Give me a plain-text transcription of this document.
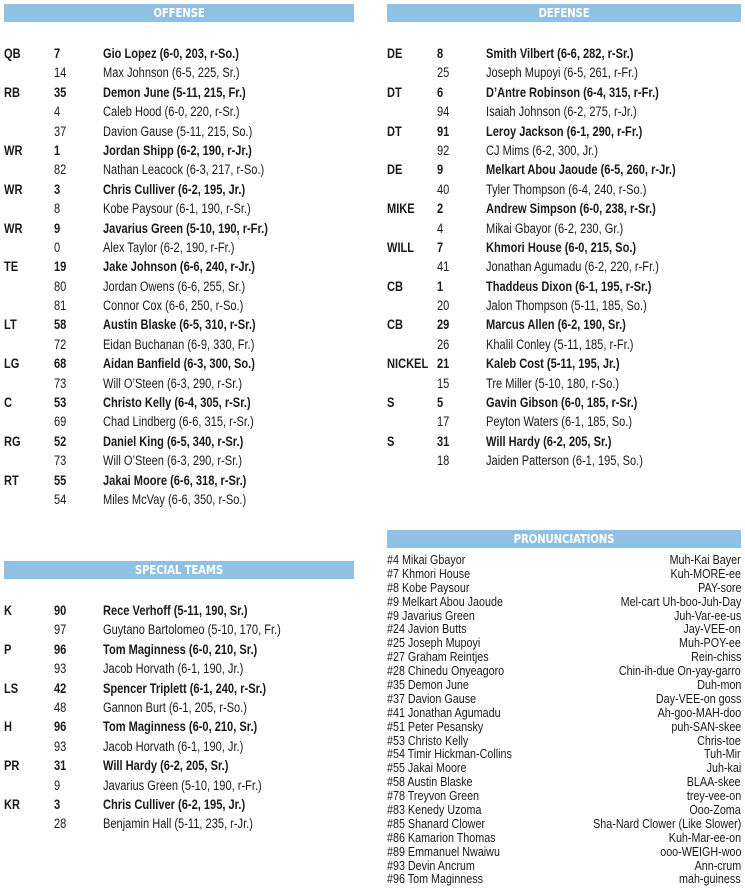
OFFENSE
QB 7	Gio Lopez (6-0, 203, r-So.)
14	Max Johnson (6-5, 225, Sr.)
RB	35	Demon June (5-11, 215, Fr.)
4	Caleb Hood (6-0, 220, r-Sr.)
37	Davion Gause (5-11, 215, So.)
WR 1	Jordan Shipp (6-2, 190, r-Jr.)
82	Nathan Leacock (6-3, 217, r-So.)
WR 3	Chris Culliver (6-2, 195, Jr.)
8	Kobe Paysour (6-1, 190, r-Sr.)
WR 9	Javarius Green (5-10, 190, r-Fr.)
0	Alex Taylor (6-2, 190, r-Fr.)
TE	19	Jake Johnson (6-6, 240, r-Jr.)
80	Jordan Owens (6-6, 255, Sr.)
81	Connor Cox (6-6, 250, r-So.)
LT	58	Austin Blaske (6-5, 310, r-Sr.)
72	Eidan Buchanan (6-9, 330, Fr.)
LG	68	Aidan Banfield (6-3, 300, So.)
73	Will O’Steen (6-3, 290, r-Sr.)
C	53	Christo Kelly (6-4, 305, r-Sr.)
69	Chad Lindberg (6-6, 315, r-Sr.)
RG 52	Daniel King (6-5, 340, r-Sr.)
73	Will O’Steen (6-3, 290, r-Sr.)
RT	55	Jakai Moore (6-6, 318, r-Sr.)
54	Miles McVay (6-6, 350, r-So.)
DEFENSE
DE	8	Smith Vilbert (6-6, 282, r-Sr.)
25	Joseph Mupoyi (6-5, 261, r-Fr.)
DT	6	D’Antre Robinson (6-4, 315, r-Fr.)
94	Isaiah Johnson (6-2, 275, r-Jr.)
DT	91	Leroy Jackson (6-1, 290, r-Fr.)
92	CJ Mims (6-2, 300, Jr.)
DE	9	Melkart Abou Jaoude (6-5, 260, r-Jr.)
40	Tyler Thompson (6-4, 240, r-So.)
MIKE	2	Andrew Simpson (6-0, 238, r-Sr.)
4	Mikai Gbayor (6-2, 230, Gr.)
WILL	7	Khmori House (6-0, 215, So.)
41	Jonathan Agumadu (6-2, 220, r-Fr.)
CB	1	Thaddeus Dixon (6-1, 195, r-Sr.)
20	Jalon Thompson (5-11, 185, So.)
CB	29	Marcus Allen (6-2, 190, Sr.)
26	Khalil Conley (5-11, 185, r-Fr.)
NICKEL 21	Kaleb Cost (5-11, 195, Jr.)
15	Tre Miller (5-10, 180, r-So.)
S	5	Gavin Gibson (6-0, 185, r-Sr.)
17	Peyton Waters (6-1, 185, So.)
S	31	Will Hardy (6-2, 205, Sr.)
18	Jaiden Patterson (6-1, 195, So.)
SPECIAL TEAMS
K	90	Rece Verhoff (5-11, 190, Sr.)
97	Guytano Bartolomeo (5-10, 170, Fr.)
P	96	Tom Maginness (6-0, 210, Sr.)
93	Jacob Horvath (6-1, 190, Jr.)
LS	42	Spencer Triplett (6-1, 240, r-Sr.)
48	Gannon Burt (6-1, 205, r-So.)
H	96	Tom Maginness (6-0, 210, Sr.)
93	Jacob Horvath (6-1, 190, Jr.)
PR	31	Will Hardy (6-2, 205, Sr.)
9	Javarius Green (5-10, 190, r-Fr.)
KR	3	Chris Culliver (6-2, 195, Jr.)
28	Benjamin Hall (5-11, 235, r-Jr.)
PRONUNCIATIONS
#4 Mikai Gbayor	Muh-Kai Bayer
#7 Khmori House	Kuh-MORE-ee
#8 Kobe Paysour	PAY-sore
#9 Melkart Abou Jaoude	Mel-cart Uh-boo-Juh-Day
#9 Javarius Green	Juh-Var-ee-us
#24 Javion Butts	Jay-VEE-on
#25 Joseph Mupoyi	Muh-POY-ee
#27 Graham Reintjes	Rein-chiss
#28 Chinedu Onyeagoro	Chin-ih-due On-yay-garro
#35 Demon June	Duh-mon
#37 Davion Gause	Day-VEE-on goss
#41 Jonathan Agumadu	Ah-goo-MAH-doo
#51 Peter Pesansky	puh-SAN-skee
#53 Christo Kelly	Chris-toe
#54 Timir Hickman-Collins	Tuh-Mir
#55 Jakai Moore	Juh-kai
#58 Austin Blaske	BLAA-skee
#78 Treyvon Green	trey-vee-on
#83 Kenedy Uzoma	Ooo-Zoma
#85 Shanard Clower	Sha-Nard Clower (Like Slower)
#86 Kamarion Thomas	Kuh-Mar-ee-on
#89 Emmanuel Nwaiwu	ooo-WEIGH-woo
#93 Devin Ancrum	Ann-crum
#96 Tom Maginness	mah-guiness
